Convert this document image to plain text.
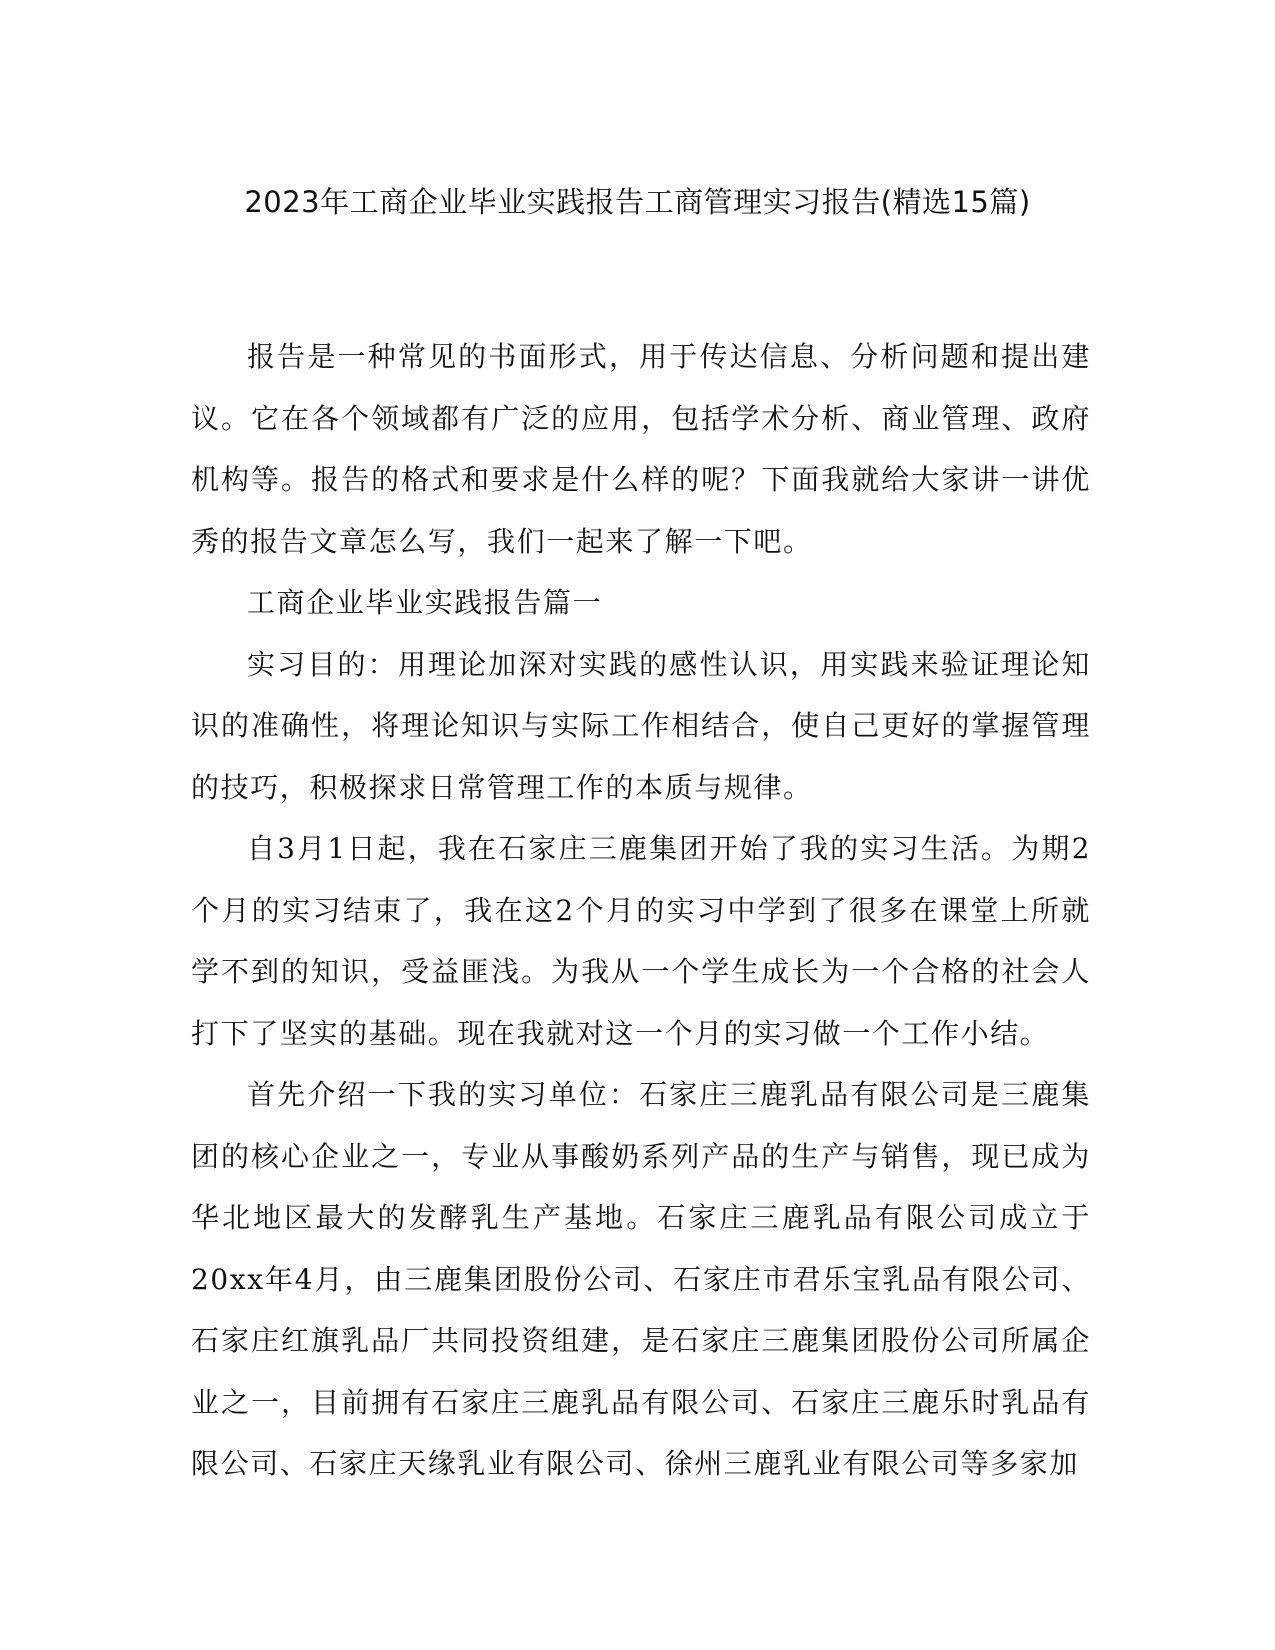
2023年工商企业毕业实践报告工商管理实习报告(精选15篇)

报告是一种常见的书面形式，用于传达信息、分析问题和提出建议。它在各个领域都有广泛的应用，包括学术分析、商业管理、政府机构等。报告的格式和要求是什么样的呢？下面我就给大家讲一讲优秀的报告文章怎么写，我们一起来了解一下吧。

工商企业毕业实践报告篇一

实习目的：用理论加深对实践的感性认识，用实践来验证理论知识的准确性，将理论知识与实际工作相结合，使自己更好的掌握管理的技巧，积极探求日常管理工作的本质与规律。

自3月1日起，我在石家庄三鹿集团开始了我的实习生活。为期2个月的实习结束了，我在这2个月的实习中学到了很多在课堂上所就学不到的知识，受益匪浅。为我从一个学生成长为一个合格的社会人打下了坚实的基础。现在我就对这一个月的实习做一个工作小结。

首先介绍一下我的实习单位：石家庄三鹿乳品有限公司是三鹿集团的核心企业之一，专业从事酸奶系列产品的生产与销售，现已成为华北地区最大的发酵乳生产基地。石家庄三鹿乳品有限公司成立于20xx年4月，由三鹿集团股份公司、石家庄市君乐宝乳品有限公司、石家庄红旗乳品厂共同投资组建，是石家庄三鹿集团股份公司所属企业之一，目前拥有石家庄三鹿乳品有限公司、石家庄三鹿乐时乳品有限公司、石家庄天缘乳业有限公司、徐州三鹿乳业有限公司等多家加
